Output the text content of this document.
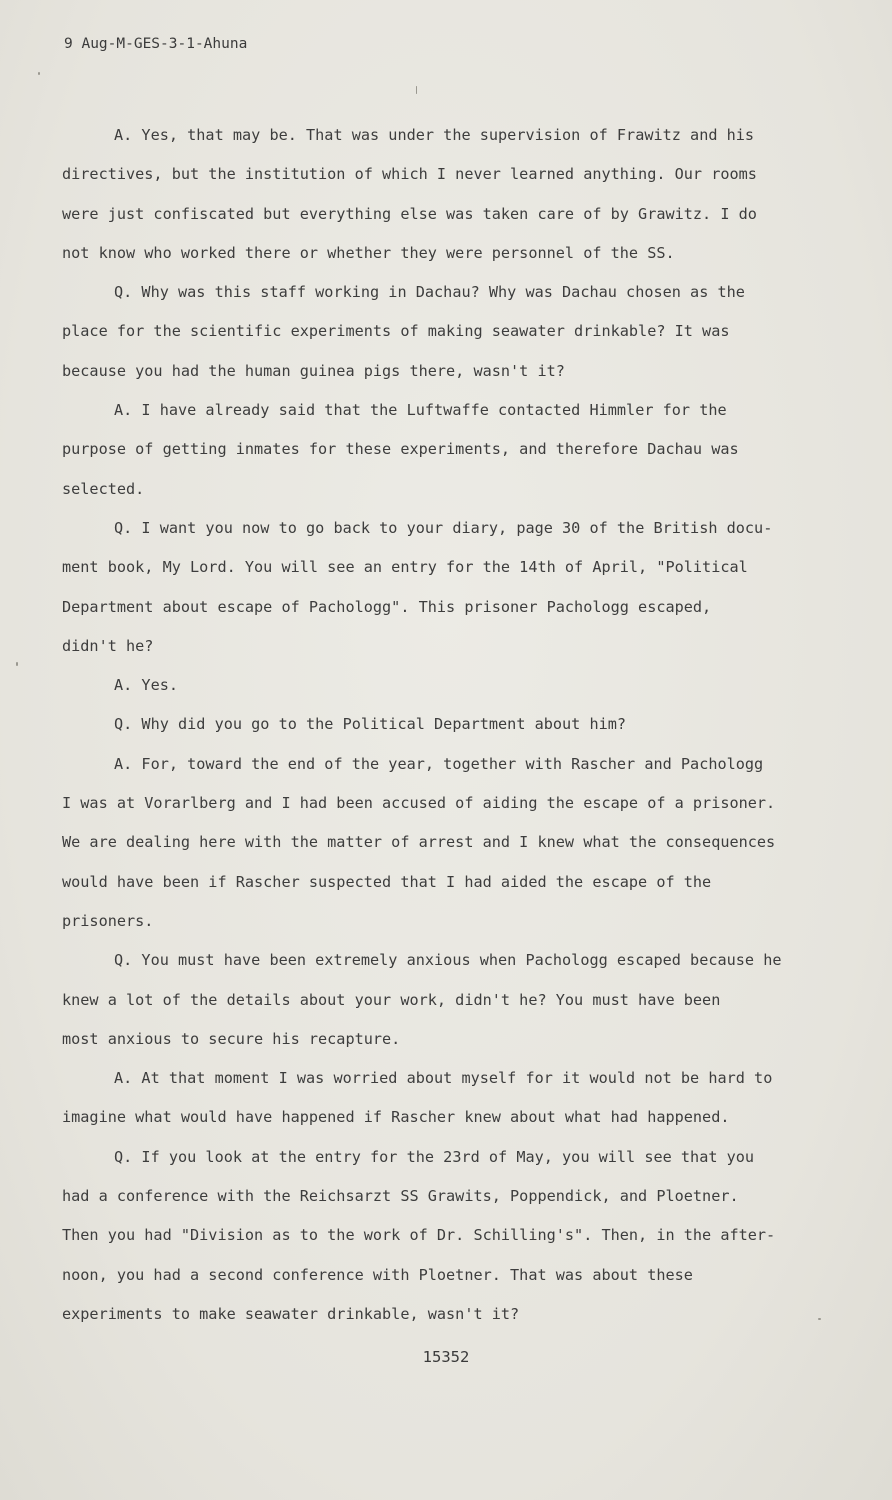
9 Aug-M-GES-3-1-Ahuna
A. Yes, that may be. That was under the supervision of Frawitz and his
directives, but the institution of which I never learned anything. Our rooms
were just confiscated but everything else was taken care of by Grawitz. I do
not know who worked there or whether they were personnel of the SS.
Q. Why was this staff working in Dachau? Why was Dachau chosen as the
place for the scientific experiments of making seawater drinkable? It was
because you had the human guinea pigs there, wasn't it?
A. I have already said that the Luftwaffe contacted Himmler for the
purpose of getting inmates for these experiments, and therefore Dachau was
selected.
Q. I want you now to go back to your diary, page 30 of the British docu-
ment book, My Lord. You will see an entry for the 14th of April, "Political
Department about escape of Pachologg". This prisoner Pachologg escaped,
didn't he?
A. Yes.
Q. Why did you go to the Political Department about him?
A. For, toward the end of the year, together with Rascher and Pachologg
I was at Vorarlberg and I had been accused of aiding the escape of a prisoner.
We are dealing here with the matter of arrest and I knew what the consequences
would have been if Rascher suspected that I had aided the escape of the
prisoners.
Q. You must have been extremely anxious when Pachologg escaped because he
knew a lot of the details about your work, didn't he? You must have been
most anxious to secure his recapture.
A. At that moment I was worried about myself for it would not be hard to
imagine what would have happened if Rascher knew about what had happened.
Q. If you look at the entry for the 23rd of May, you will see that you
had a conference with the Reichsarzt SS Grawits, Poppendick, and Ploetner.
Then you had "Division as to the work of Dr. Schilling's". Then, in the after-
noon, you had a second conference with Ploetner. That was about these
experiments to make seawater drinkable, wasn't it?
15352
